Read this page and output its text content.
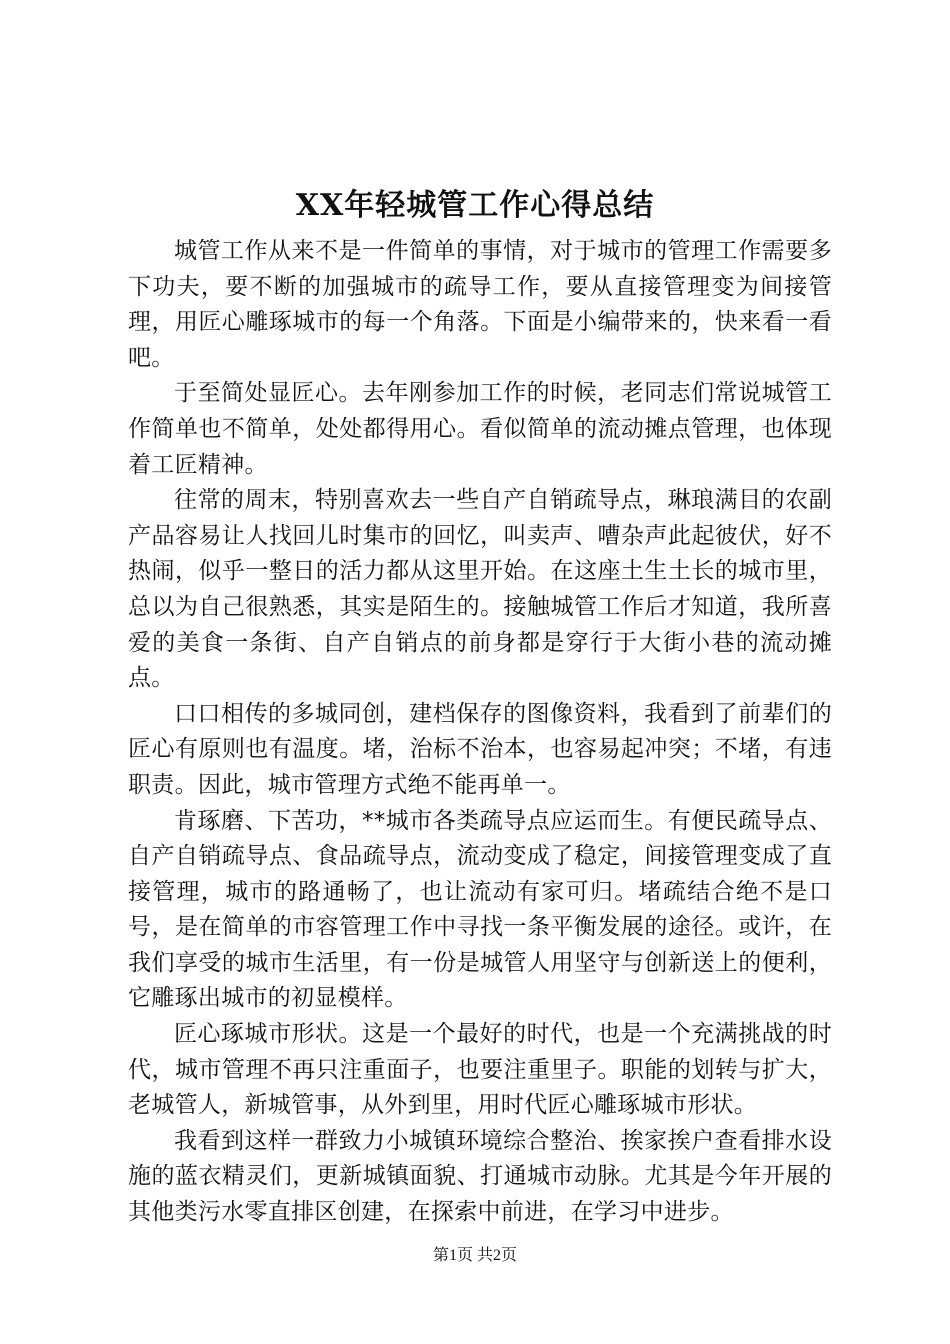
XX年轻城管工作心得总结

城管工作从来不是一件简单的事情，对于城市的管理工作需要多下功夫，要不断的加强城市的疏导工作，要从直接管理变为间接管理，用匠心雕琢城市的每一个角落。下面是小编带来的，快来看一看吧。

于至简处显匠心。去年刚参加工作的时候，老同志们常说城管工作简单也不简单，处处都得用心。看似简单的流动摊点管理，也体现着工匠精神。

往常的周末，特别喜欢去一些自产自销疏导点，琳琅满目的农副产品容易让人找回儿时集市的回忆，叫卖声、嘈杂声此起彼伏，好不热闹，似乎一整日的活力都从这里开始。在这座土生土长的城市里，总以为自己很熟悉，其实是陌生的。接触城管工作后才知道，我所喜爱的美食一条街、自产自销点的前身都是穿行于大街小巷的流动摊点。

口口相传的多城同创，建档保存的图像资料，我看到了前辈们的匠心有原则也有温度。堵，治标不治本，也容易起冲突；不堵，有违职责。因此，城市管理方式绝不能再单一。

肯琢磨、下苦功，**城市各类疏导点应运而生。有便民疏导点、自产自销疏导点、食品疏导点，流动变成了稳定，间接管理变成了直接管理，城市的路通畅了，也让流动有家可归。堵疏结合绝不是口号，是在简单的市容管理工作中寻找一条平衡发展的途径。或许，在我们享受的城市生活里，有一份是城管人用坚守与创新送上的便利，它雕琢出城市的初显模样。

匠心琢城市形状。这是一个最好的时代，也是一个充满挑战的时代，城市管理不再只注重面子，也要注重里子。职能的划转与扩大，老城管人，新城管事，从外到里，用时代匠心雕琢城市形状。

我看到这样一群致力小城镇环境综合整治、挨家挨户查看排水设施的蓝衣精灵们，更新城镇面貌、打通城市动脉。尤其是今年开展的其他类污水零直排区创建，在探索中前进，在学习中进步。

第1页 共2页
